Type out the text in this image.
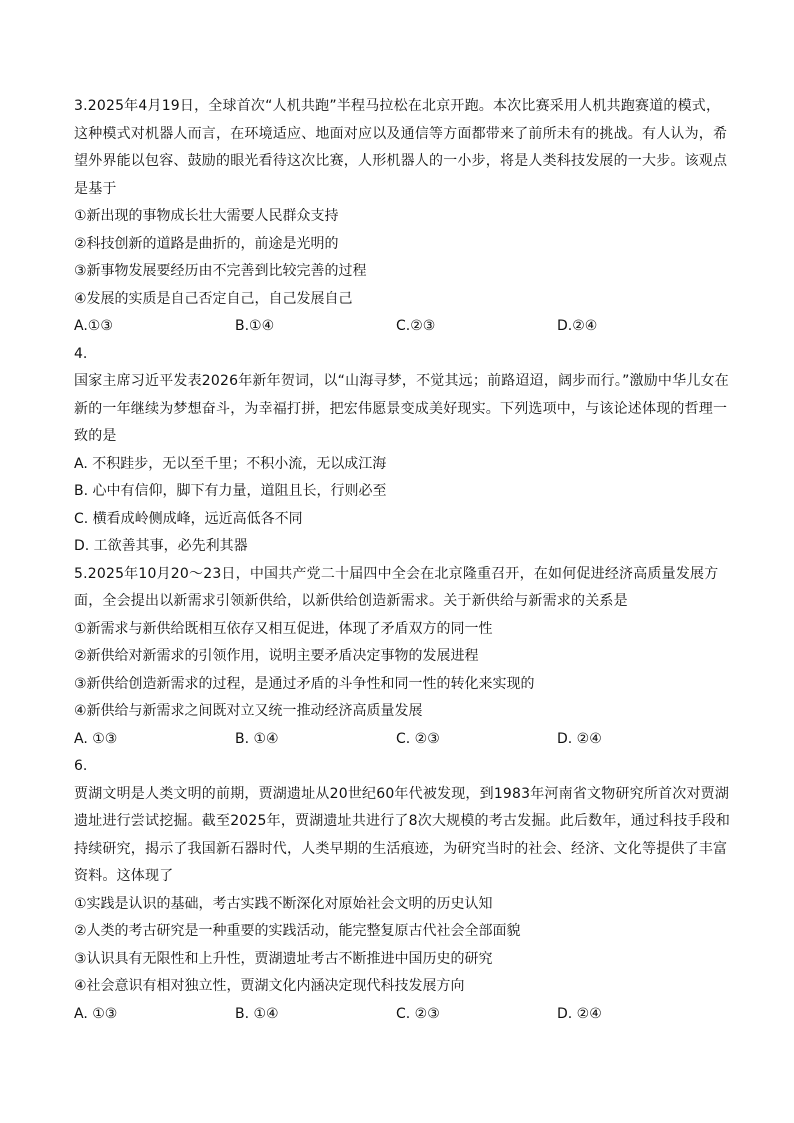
3.2025年4月19日，全球首次“人机共跑”半程马拉松在北京开跑。本次比赛采用人机共跑赛道的模式，这种模式对机器人而言，在环境适应、地面对应以及通信等方面都带来了前所未有的挑战。有人认为，希望外界能以包容、鼓励的眼光看待这次比赛，人形机器人的一小步，将是人类科技发展的一大步。该观点是基于
①新出现的事物成长壮大需要人民群众支持
②科技创新的道路是曲折的，前途是光明的
③新事物发展要经历由不完善到比较完善的过程
④发展的实质是自己否定自己，自己发展自己
A.①③	B.①④	C.②③	D.②④
4.
国家主席习近平发表2026年新年贺词，以“山海寻梦，不觉其远；前路迢迢，阔步而行。”激励中华儿女在新的一年继续为梦想奋斗，为幸福打拼，把宏伟愿景变成美好现实。下列选项中，与该论述体现的哲理一致的是
A. 不积跬步，无以至千里；不积小流，无以成江海
B. 心中有信仰，脚下有力量，道阻且长，行则必至
C. 横看成岭侧成峰，远近高低各不同
D. 工欲善其事，必先利其器
5.2025年10月20～23日，中国共产党二十届四中全会在北京隆重召开，在如何促进经济高质量发展方面，全会提出以新需求引领新供给，以新供给创造新需求。关于新供给与新需求的关系是
①新需求与新供给既相互依存又相互促进，体现了矛盾双方的同一性
②新供给对新需求的引领作用，说明主要矛盾决定事物的发展进程
③新供给创造新需求的过程，是通过矛盾的斗争性和同一性的转化来实现的
④新供给与新需求之间既对立又统一推动经济高质量发展
A. ①③	B. ①④	C. ②③	D. ②④
6.
贾湖文明是人类文明的前期，贾湖遗址从20世纪60年代被发现，到1983年河南省文物研究所首次对贾湖遗址进行尝试挖掘。截至2025年，贾湖遗址共进行了8次大规模的考古发掘。此后数年，通过科技手段和持续研究，揭示了我国新石器时代，人类早期的生活痕迹，为研究当时的社会、经济、文化等提供了丰富资料。这体现了
①实践是认识的基础，考古实践不断深化对原始社会文明的历史认知
②人类的考古研究是一种重要的实践活动，能完整复原古代社会全部面貌
③认识具有无限性和上升性，贾湖遗址考古不断推进中国历史的研究
④社会意识有相对独立性，贾湖文化内涵决定现代科技发展方向
A. ①③	B. ①④	C. ②③	D. ②④
